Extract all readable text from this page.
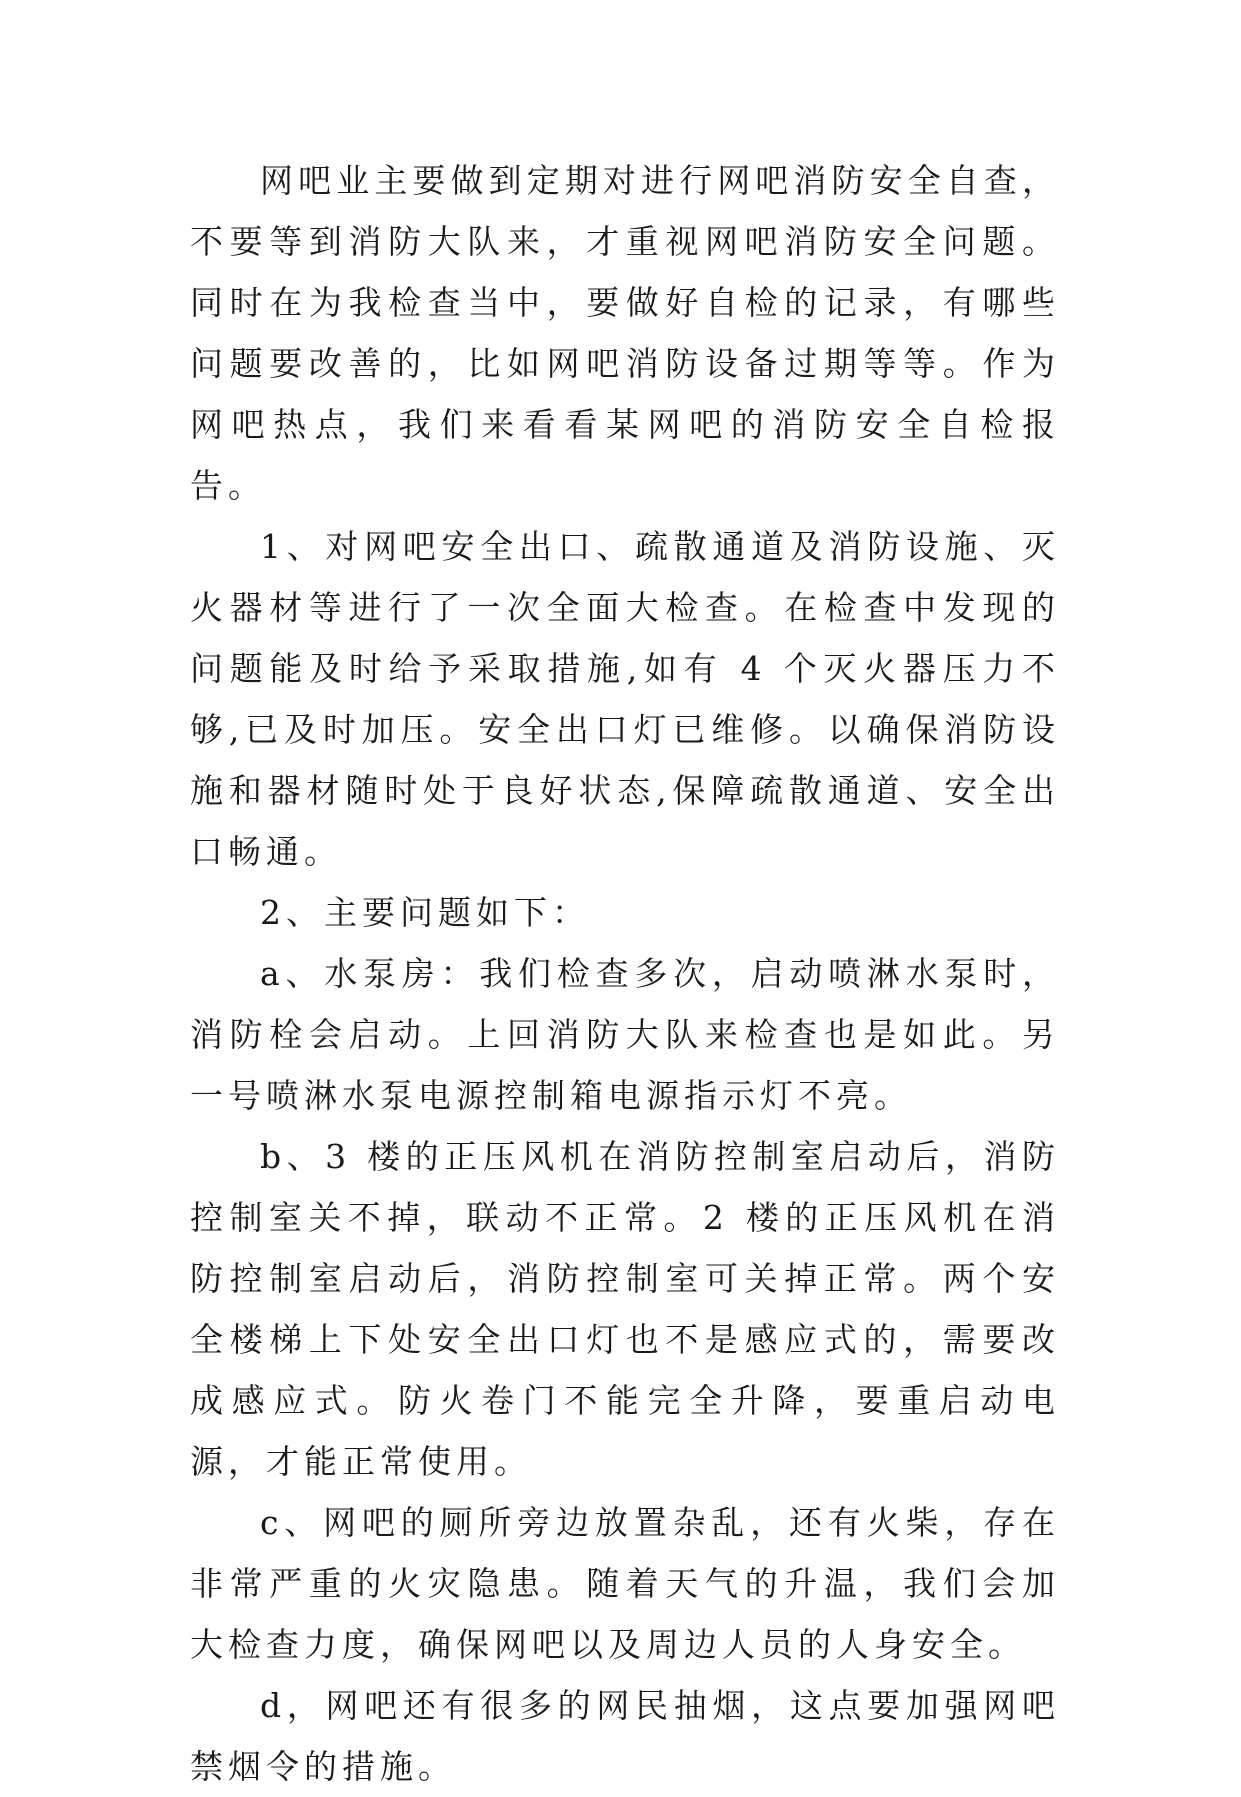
网吧业主要做到定期对进行网吧消防安全自查，不要等到消防大队来，才重视网吧消防安全问题。同时在为我检查当中，要做好自检的记录，有哪些问题要改善的，比如网吧消防设备过期等等。作为网吧热点，我们来看看某网吧的消防安全自检报告。

1、对网吧安全出口、疏散通道及消防设施、灭火器材等进行了一次全面大检查。在检查中发现的问题能及时给予采取措施,如有 4 个灭火器压力不够,已及时加压。安全出口灯已维修。以确保消防设施和器材随时处于良好状态,保障疏散通道、安全出口畅通。

2、主要问题如下：

a、水泵房：我们检查多次，启动喷淋水泵时，消防栓会启动。上回消防大队来检查也是如此。另一号喷淋水泵电源控制箱电源指示灯不亮。

b、3 楼的正压风机在消防控制室启动后，消防控制室关不掉，联动不正常。2 楼的正压风机在消防控制室启动后，消防控制室可关掉正常。两个安全楼梯上下处安全出口灯也不是感应式的，需要改成感应式。防火卷门不能完全升降，要重启动电源，才能正常使用。

c、网吧的厕所旁边放置杂乱，还有火柴，存在非常严重的火灾隐患。随着天气的升温，我们会加大检查力度，确保网吧以及周边人员的人身安全。

d，网吧还有很多的网民抽烟，这点要加强网吧禁烟令的措施。
